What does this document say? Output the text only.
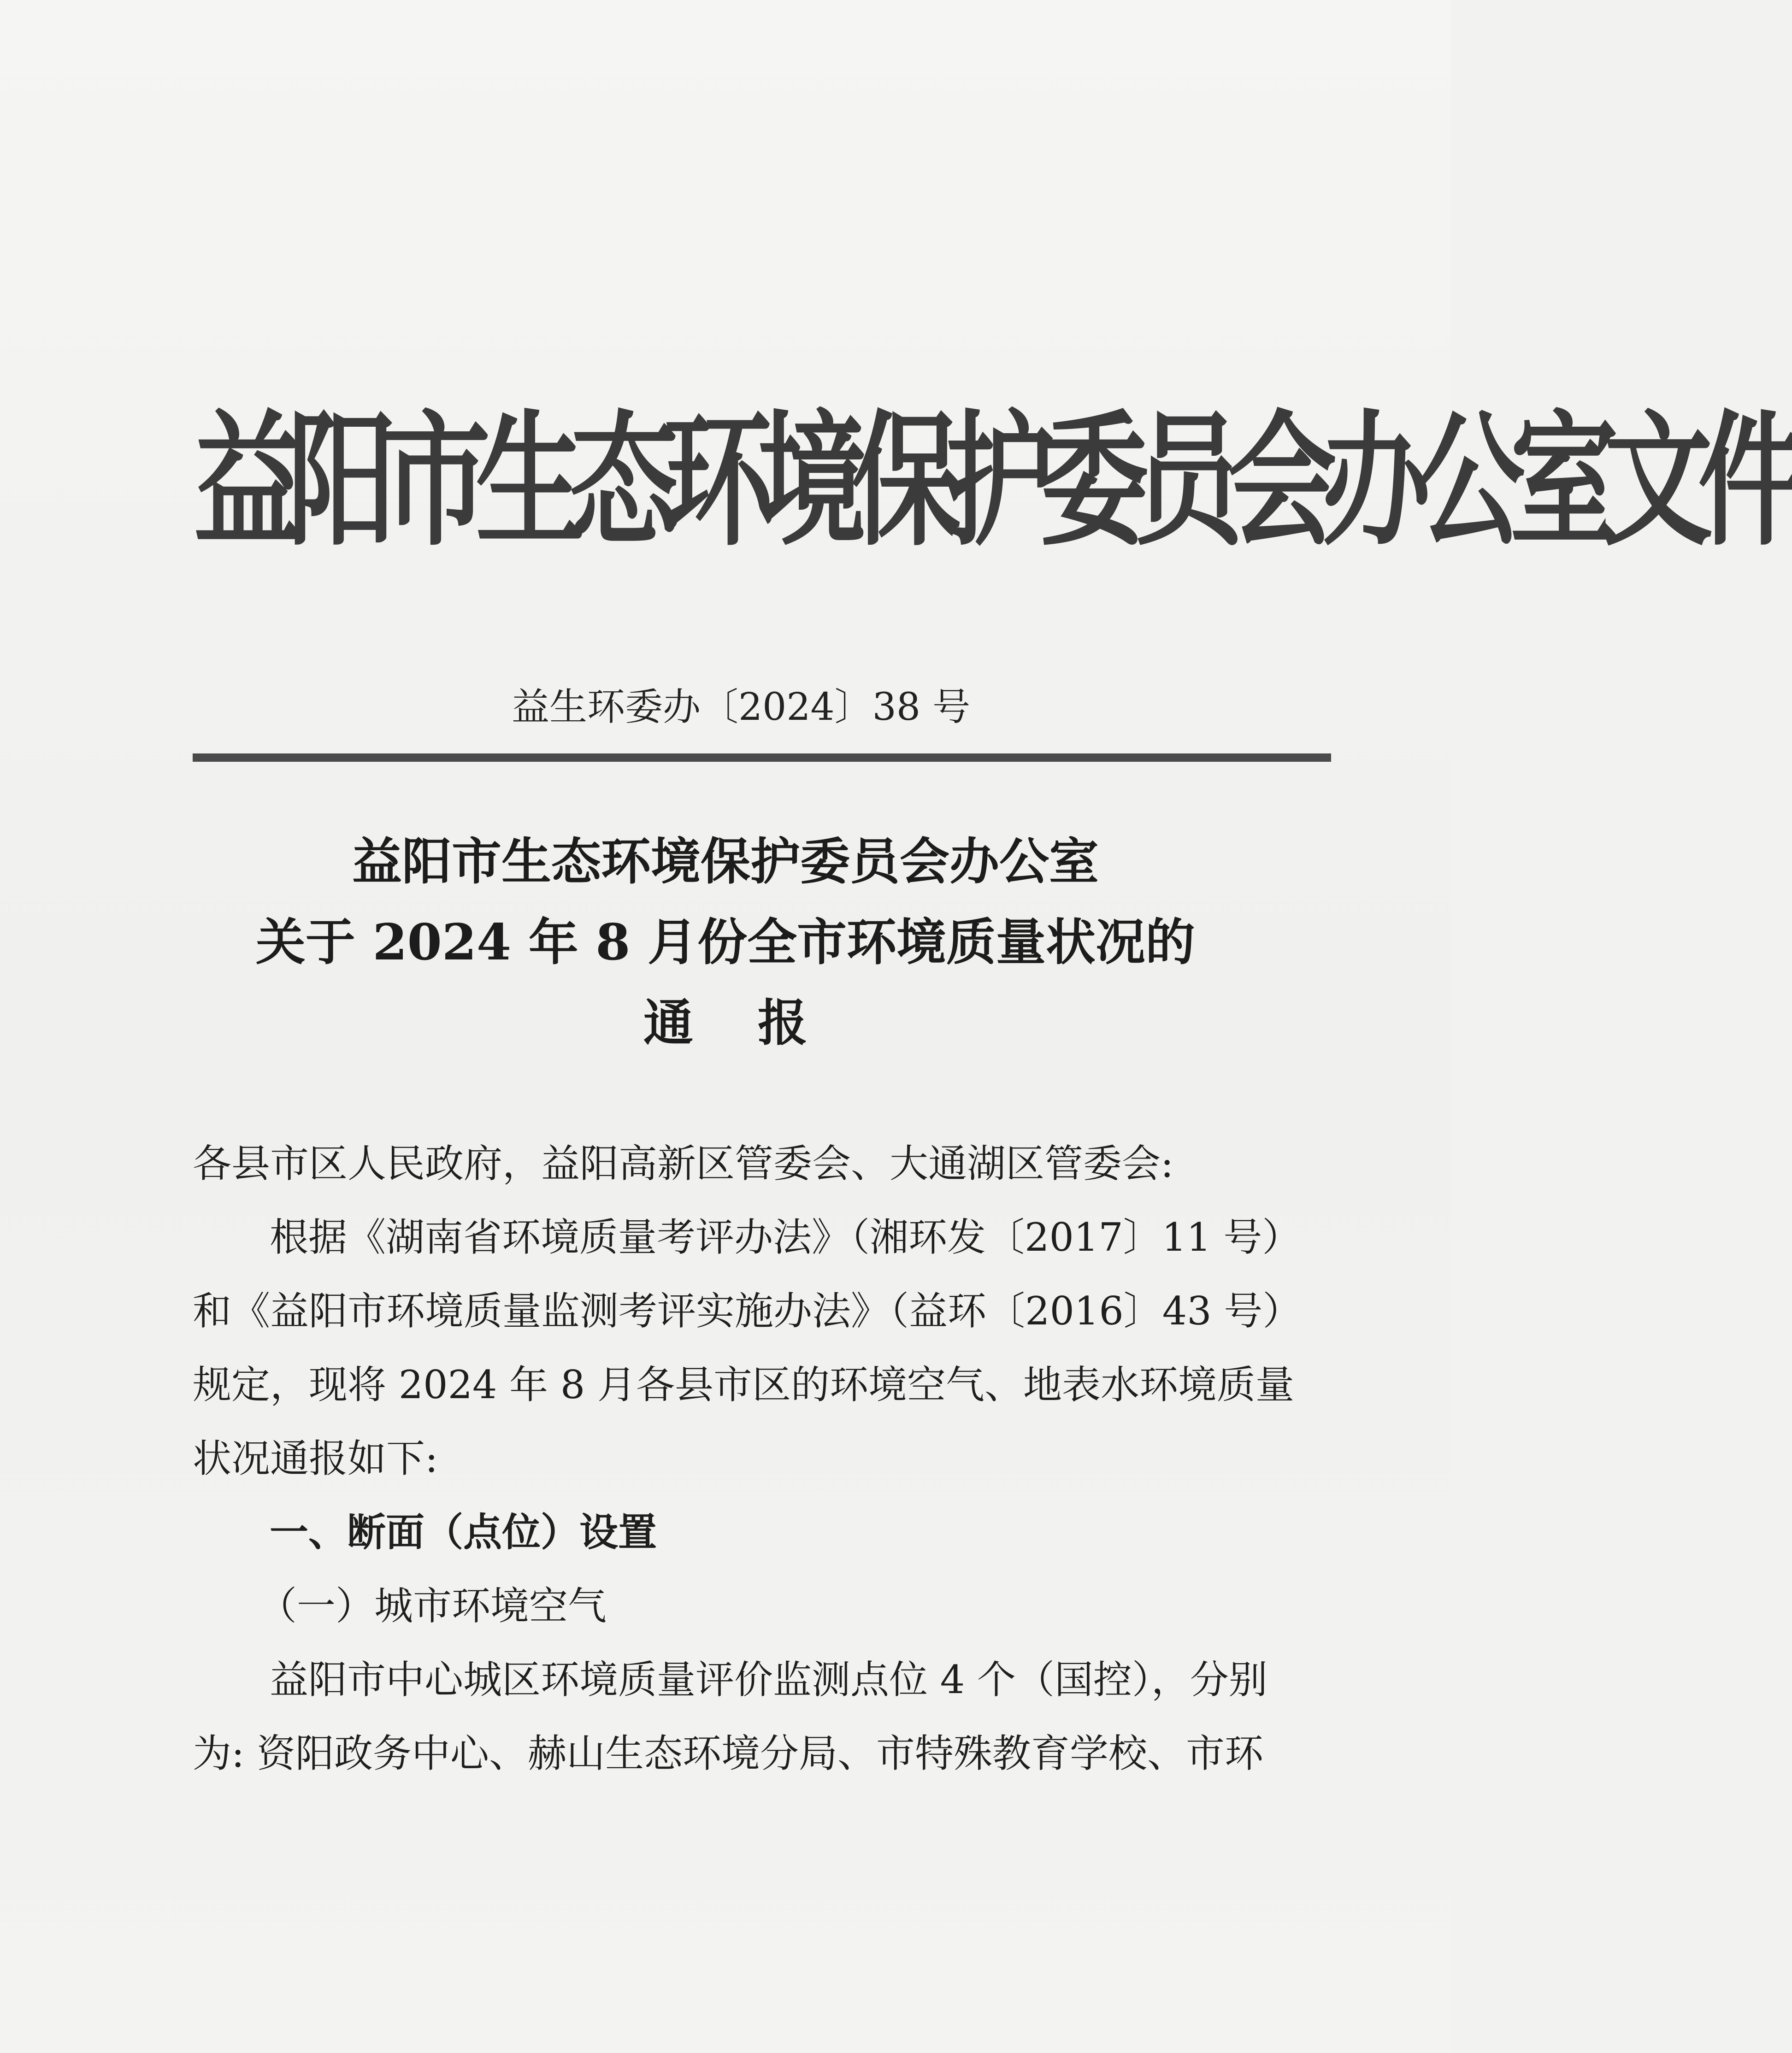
益阳市生态环境保护委员会办公室文件
益生环委办〔2024〕38 号
益阳市生态环境保护委员会办公室
关于 2024 年 8 月份全市环境质量状况的
通报
各县市区人民政府，益阳高新区管委会、大通湖区管委会:
根据《湖南省环境质量考评办法》（湘环发〔2017〕11 号）
和《益阳市环境质量监测考评实施办法》（益环〔2016〕43 号）
规定，现将 2024 年 8 月各县市区的环境空气、地表水环境质量
状况通报如下:
一、断面（点位）设置
（一）城市环境空气
益阳市中心城区环境质量评价监测点位 4 个（国控），分别
为: 资阳政务中心、赫山生态环境分局、市特殊教育学校、市环
